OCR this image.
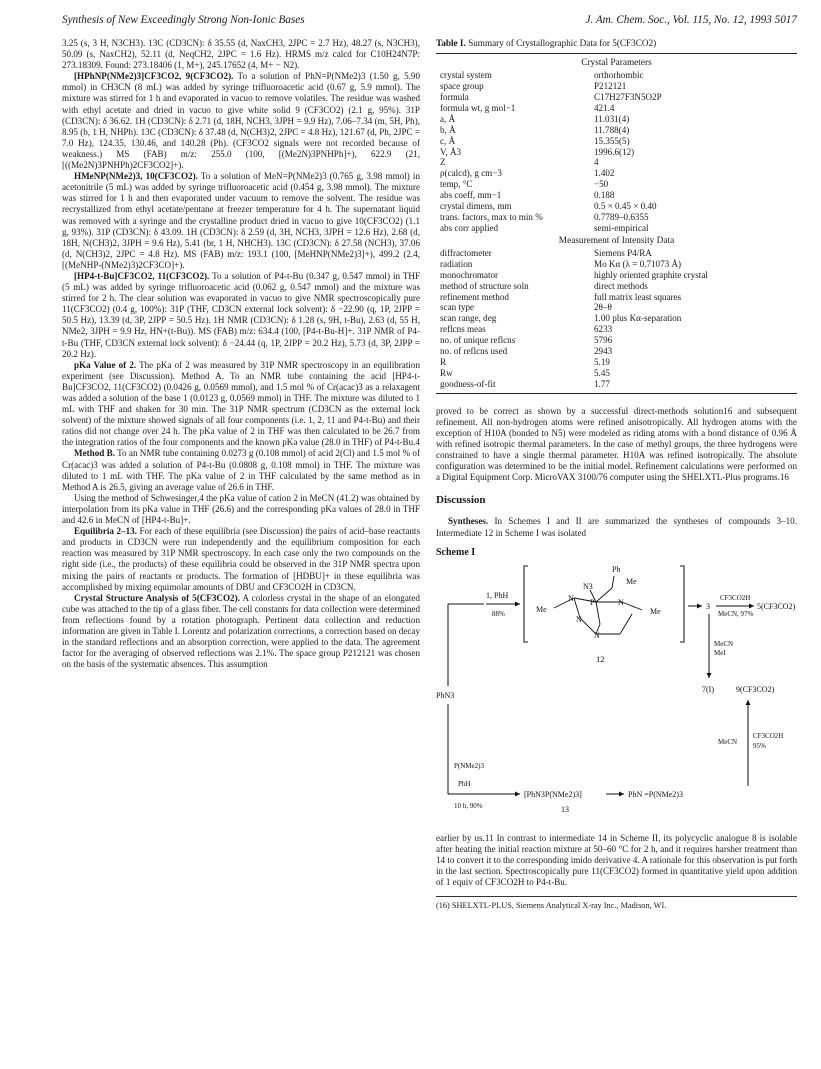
Synthesis of New Exceedingly Strong Non-Ionic Bases	J. Am. Chem. Soc., Vol. 115, No. 12, 1993 5017

3.25 (s, 3 H, N3CH3). 13C (CD3CN): δ 35.55 (d, NaxCH3, 2JPC = 2.7 Hz), 48.27 (s, N3CH3), 50.09 (s, NaxCH2), 52.11 (d, NeqCH2, 2JPC = 1.6 Hz). HRMS m/z calcd for C10H24N7P: 273.18309. Found: 273.18406 (1, M+), 245.17652 (4, M+ − N2).

[HPhNP(NMe2)3]CF3CO2, 9(CF3CO2). To a solution of PhN=P(NMe2)3 (1.50 g, 5.90 mmol) in CH3CN (8 mL) was added by syringe trifluoroacetic acid (0.67 g, 5.9 mmol). The mixture was stirred for 1 h and evaporated in vacuo to remove volatiles. The residue was washed with ethyl acetate and dried in vacuo to give white solid 9 (CF3CO2) (2.1 g, 95%). 31P (CD3CN): δ 36.62. 1H (CD3CN): δ 2.71 (d, 18H, NCH3, 3JPH = 9.9 Hz), 7.06–7.34 (m, 5H, Ph), 8.95 (b, 1 H, NHPh). 13C (CD3CN): δ 37.48 (d, N(CH3)2, 2JPC = 4.8 Hz), 121.67 (d, Ph, 2JPC = 7.0 Hz), 124.35, 130.46, and 140.28 (Ph). (CF3CO2 signals were not recorded because of weakness.) MS (FAB) m/z: 255.0 (100, [(Me2N)3PNHPh]+), 622.9 (21, [((Me2N)3PNHPh)2CF3CO2]+).

HMeNP(NMe2)3, 10(CF3CO2). To a solution of MeN=P(NMe2)3 (0.765 g, 3.98 mmol) in acetonitrile (5 mL) was added by syringe trifluoroacetic acid (0.454 g, 3.98 mmol). The mixture was stirred for 1 h and then evaporated under vacuum to remove the solvent. The residue was recrystallized from ethyl acetate/pentane at freezer temperature for 4 h. The supernatant liquid was removed with a syringe and the crystalline product dried in vacuo to give 10(CF3CO2) (1.1 g, 93%). 31P (CD3CN): δ 43.09. 1H (CD3CN): δ 2.59 (d, 3H, NCH3, 3JPH = 12.6 Hz), 2.68 (d, 18H, N(CH3)2, 3JPH = 9.6 Hz), 5.41 (br, 1 H, NHCH3). 13C (CD3CN): δ 27.58 (NCH3), 37.06 (d, N(CH3)2, 2JPC = 4.8 Hz). MS (FAB) m/z: 193.1 (100, [MeHNP(NMe2)3]+), 499.2 (2.4, [(MeNHP-(NMe2)3)2CF3CO]+).

[HP4-t-Bu]CF3CO2, 11(CF3CO2). To a solution of P4-t-Bu (0.347 g, 0.547 mmol) in THF (5 mL) was added by syringe trifluoroacetic acid (0.062 g, 0.547 mmol) and the mixture was stirred for 2 h. The clear solution was evaporated in vacuo to give NMR spectroscopically pure 11(CF3CO2) (0.4 g, 100%): 31P (THF, CD3CN external lock solvent): δ −22.90 (q, 1P, 2JPP = 50.5 Hz), 13.39 (d, 3P, 2JPP = 50.5 Hz). 1H NMR (CD3CN): δ 1.28 (s, 9H, t-Bu), 2.63 (d, 55 H, NMe2, 3JPH = 9.9 Hz, HN+(t-Bu)). MS (FAB) m/z: 634.4 (100, [P4-t-Bu-H]+. 31P NMR of P4-t-Bu (THF, CD3CN external lock solvent): δ −24.44 (q, 1P, 2JPP = 20.2 Hz), 5.73 (d, 3P, 2JPP = 20.2 Hz).

pKa Value of 2. The pKa of 2 was measured by 31P NMR spectroscopy in an equilibration experiment (see Discussion). Method A. To an NMR tube containing the acid [HP4-t-Bu]CF3CO2, 11(CF3CO2) (0.0426 g, 0.0569 mmol), and 1.5 mol % of Cr(acac)3 as a relaxagent was added a solution of the base 1 (0.0123 g, 0.0569 mmol) in THF. The mixture was diluted to 1 mL with THF and shaken for 30 min. The 31P NMR spectrum (CD3CN as the external lock solvent) of the mixture showed signals of all four components (i.e. 1, 2, 11 and P4-t-Bu) and their ratios did not change over 24 h. The pKa value of 2 in THF was then calculated to be 26.7 from the integration ratios of the four components and the known pKa value (28.0 in THF) of P4-t-Bu.4

Method B. To an NMR tube containing 0.0273 g (0.108 mmol) of acid 2(Cl) and 1.5 mol % of Cr(acac)3 was added a solution of P4-t-Bu (0.0808 g, 0.108 mmol) in THF. The mixture was diluted to 1 mL with THF. The pKa value of 2 in THF calculated by the same method as in Method A is 26.5, giving an average value of 26.6 in THF.

Using the method of Schwesinger,4 the pKa value of cation 2 in MeCN (41.2) was obtained by interpolation from its pKa value in THF (26.6) and the corresponding pKa values of 28.0 in THF and 42.6 in MeCN of [HP4-t-Bu]+.

Equilibria 2–13. For each of these equilibria (see Discussion) the pairs of acid–base reactants and products in CD3CN were run independently and the equilibrium composition for each reaction was measured by 31P NMR spectroscopy. In each case only the two compounds on the right side (i.e., the products) of these equilibria could be observed in the 31P NMR spectra upon mixing the pairs of reactants or products. The formation of [HDBU]+ in these equilibria was accomplished by mixing equimolar amounts of DBU and CF3CO2H in CD3CN.

Crystal Structure Analysis of 5(CF3CO2). A colorless crystal in the shape of an elongated cube was attached to the tip of a glass fiber. The cell constants for data collection were determined from reflections found by a rotation photograph. Pertinent data collection and reduction information are given in Table I. Lorentz and polarization corrections, a correction based on decay in the standard reflections and an absorption correction, were applied to the data. The agreement factor for the averaging of observed reflections was 2.1%. The space group P212121 was chosen on the basis of the systematic absences. This assumption

Table I. Summary of Crystallographic Data for 5(CF3CO2)
Crystal Parameters
crystal system	orthorhombic
space group	P212121
formula	C17H27F3N5O2P
formula wt, g mol−1	421.4
a, Å	11.031(4)
b, Å	11.788(4)
c, Å	15.355(5)
V, Å3	1996.6(12)
Z	4
ρ(calcd), g cm−3	1.402
temp, °C	−50
abs coeff, mm−1	0.188
crystal dimens, mm	0.5 × 0.45 × 0.40
trans. factors, max to min %	0.7789–0.6355
abs corr applied	semi-empirical
Measurement of Intensity Data
diffractometer	Siemens P4/RA
radiation	Mo Kα (λ = 0.71073 Å)
monochromator	highly oriented graphite crystal
method of structure soln	direct methods
refinement method	full matrix least squares
scan type	2θ–θ
scan range, deg	1.00 plus Kα-separation
reflcns meas	6233
no. of unique reflcns	5796
no. of reflcns used	2943
R	5.19
Rw	5.45
goodness-of-fit	1.77

proved to be correct as shown by a successful direct-methods solution16 and subsequent refinement. All non-hydrogen atoms were refined anisotropically. All hydrogen atoms with the exception of H10A (bonded to N5) were modeled as riding atoms with a bond distance of 0.96 Å with refined isotropic thermal parameters. In the case of methyl groups, the three hydrogens were constrained to have a single thermal parameter. H10A was refined isotropically. The absolute configuration was determined to be the initial model. Refinement calculations were performed on a Digital Equipment Corp. MicroVAX 3100/76 computer using the SHELXTL-Plus programs.16

Discussion

Syntheses. In Schemes I and II are summarized the syntheses of compounds 3–10. Intermediate 12 in Scheme I was isolated

Scheme I
Ph
Me
Me	Me
N3
P
N	N
N
N
12
1, PhH
88%
PhN3
3
CF3CO2H
MeCN, 97%
5(CF3CO2)
MeCN
MeI
7(I)	9(CF3CO2)
P(NMe2)3
PhH
10 h, 90%
[PhN3P(NMe2)3]	PhN =P(NMe2)3
13
MeCN
CF3CO2H
95%

earlier by us.11 In contrast to intermediate 14 in Scheme II, its polycyclic analogue 8 is isolable after heating the initial reaction mixture at 50–60 °C for 2 h, and it requires harsher treatment than 14 to convert it to the corresponding imido derivative 4. A rationale for this observation is put forth in the last section. Spectroscopically pure 11(CF3CO2) formed in quantitative yield upon addition of 1 equiv of CF3CO2H to P4-t-Bu.

(16) SHELXTL-PLUS, Siemens Analytical X-ray Inc., Madison, WI.
